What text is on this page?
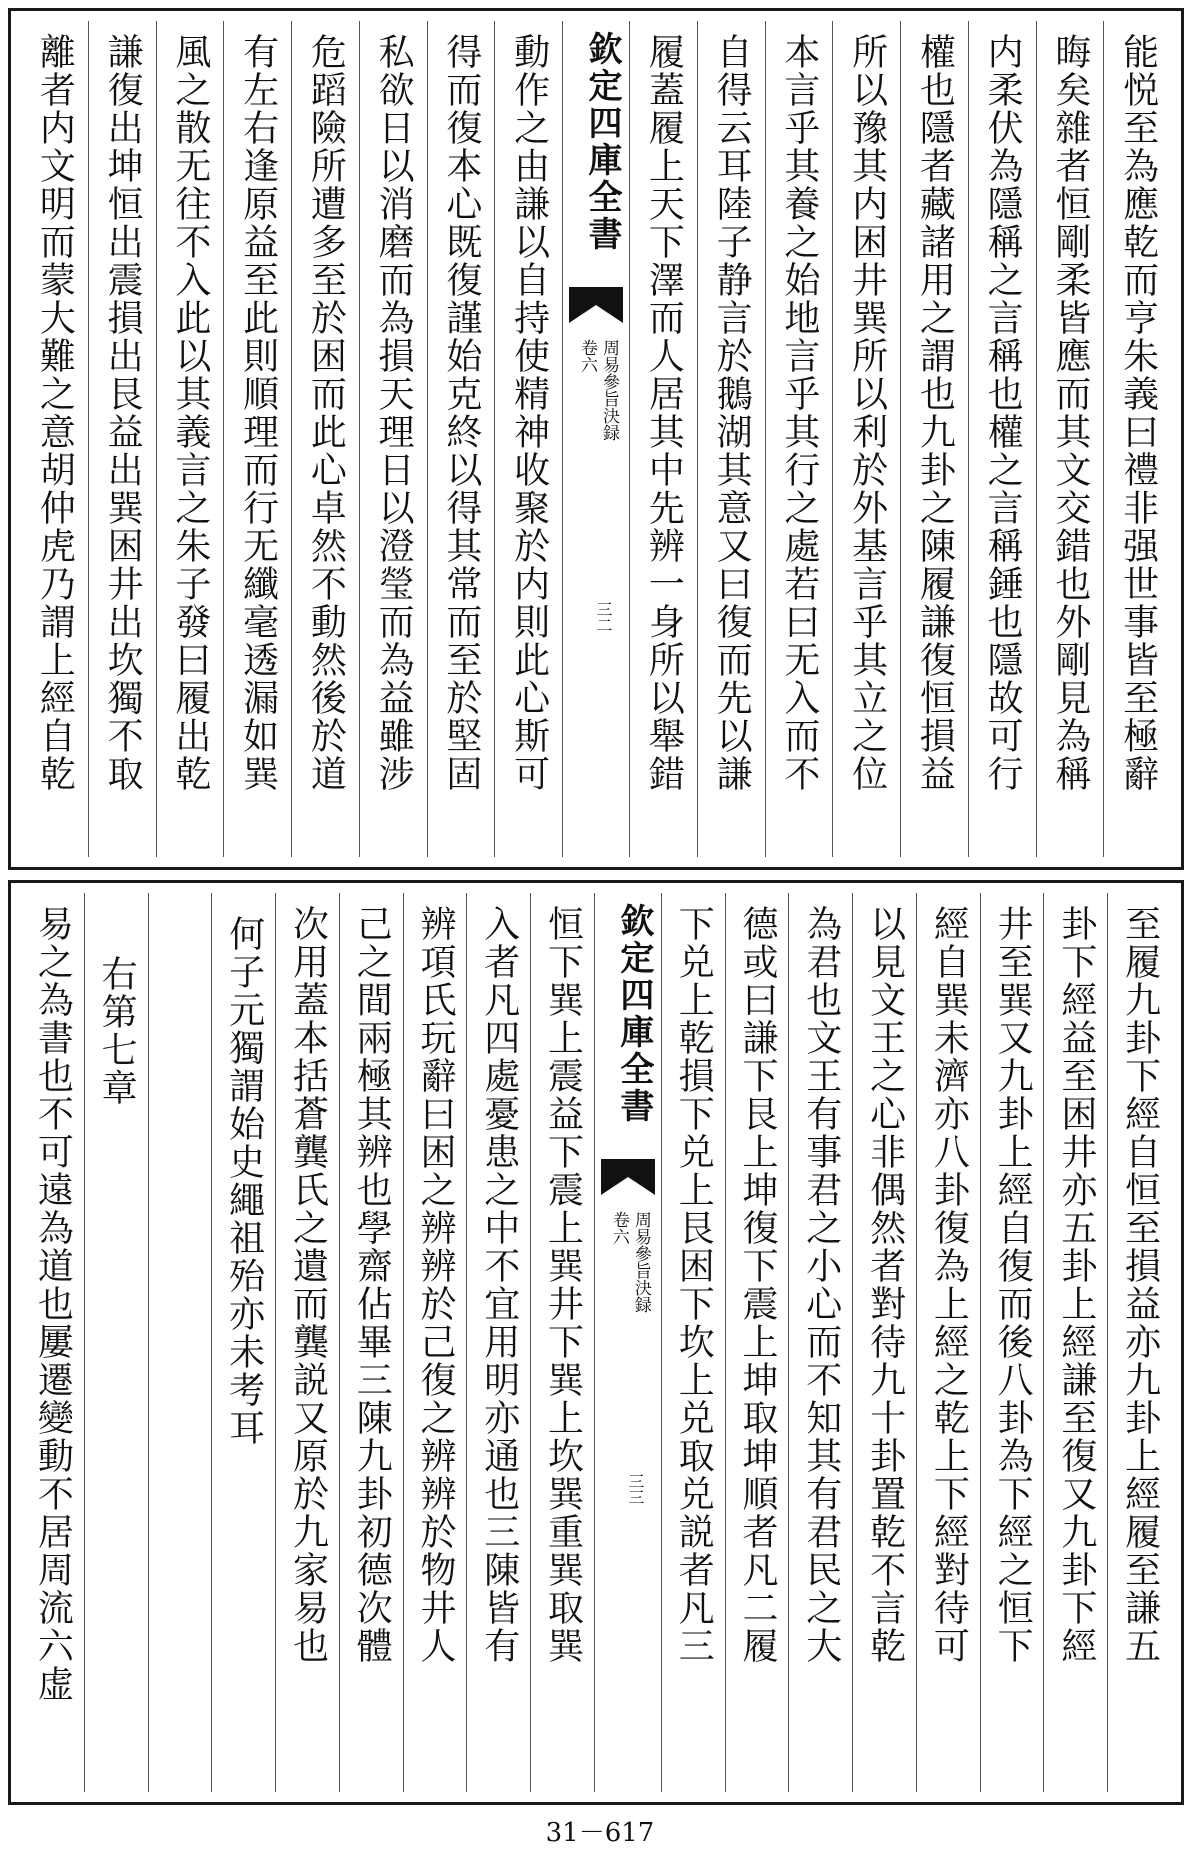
能悦至為應乾而亨朱義曰禮非强世事皆至極辭
晦矣雜者恒剛柔皆應而其文交錯也外剛見為稱
内柔伏為隱稱之言稱也權之言稱錘也隱故可行
權也隱者藏諸用之謂也九卦之陳履謙復恒損益
所以豫其内困井巽所以利於外基言乎其立之位
本言乎其養之始地言乎其行之處若曰无入而不
自得云耳陸子静言於鵝湖其意又曰復而先以謙
履蓋履上天下澤而人居其中先辨一身所以舉錯
欽定四庫全書
周易參旨決録
卷六
三二
動作之由謙以自持使精神收聚於内則此心斯可
得而復本心既復謹始克終以得其常而至於堅固
私欲日以消磨而為損天理日以澄瑩而為益雖涉
危蹈險所遭多至於困而此心卓然不動然後於道
有左右逢原益至此則順理而行无纖毫透漏如巽
風之散无往不入此以其義言之朱子發曰履出乾
謙復出坤恒出震損出艮益出巽困井出坎獨不取
離者内文明而蒙大難之意胡仲虎乃謂上經自乾
至履九卦下經自恒至損益亦九卦上經履至謙五
卦下經益至困井亦五卦上經謙至復又九卦下經
井至巽又九卦上經自復而後八卦為下經之恒下
經自巽未濟亦八卦復為上經之乾上下經對待可
以見文王之心非偶然者對待九十卦置乾不言乾
為君也文王有事君之小心而不知其有君民之大
德或曰謙下艮上坤復下震上坤取坤順者凡二履
下兑上乾損下兑上艮困下坎上兑取兑説者凡三
欽定四庫全書
周易參旨決録
卷六
三三
恒下巽上震益下震上巽井下巽上坎巽重巽取巽
入者凡四處憂患之中不宜用明亦通也三陳皆有
辨項氏玩辭曰困之辨辨於己復之辨辨於物井人
己之間兩極其辨也學齋佔畢三陳九卦初德次體
次用蓋本括蒼龔氏之遺而龔説又原於九家易也
何子元獨謂始史繩祖殆亦未考耳
右第七章
易之為書也不可遠為道也屢遷變動不居周流六虚
31－617
